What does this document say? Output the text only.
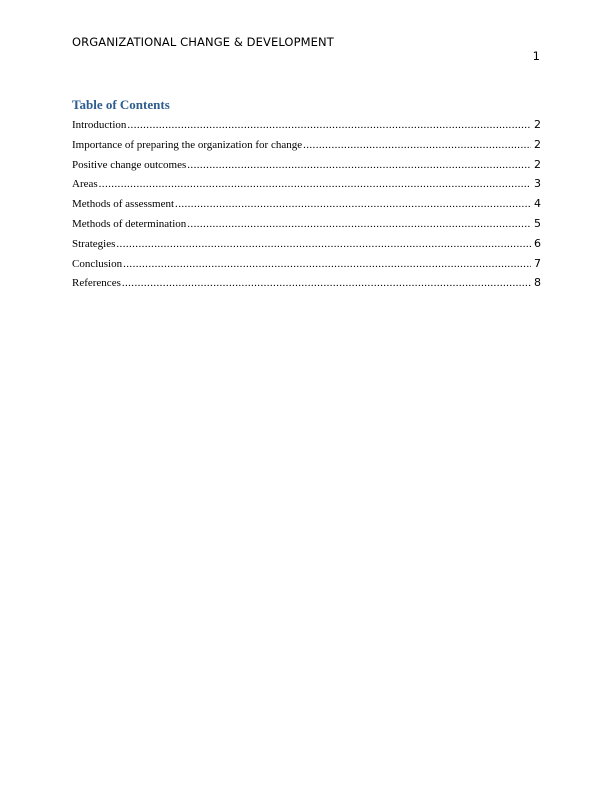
ORGANIZATIONAL CHANGE & DEVELOPMENT
1
Table of Contents
Introduction .....	2
Importance of preparing the organization for change .....	2
Positive change outcomes .....	2
Areas .....	3
Methods of assessment .....	4
Methods of determination .....	5
Strategies .....	6
Conclusion .....	7
References .....	8
